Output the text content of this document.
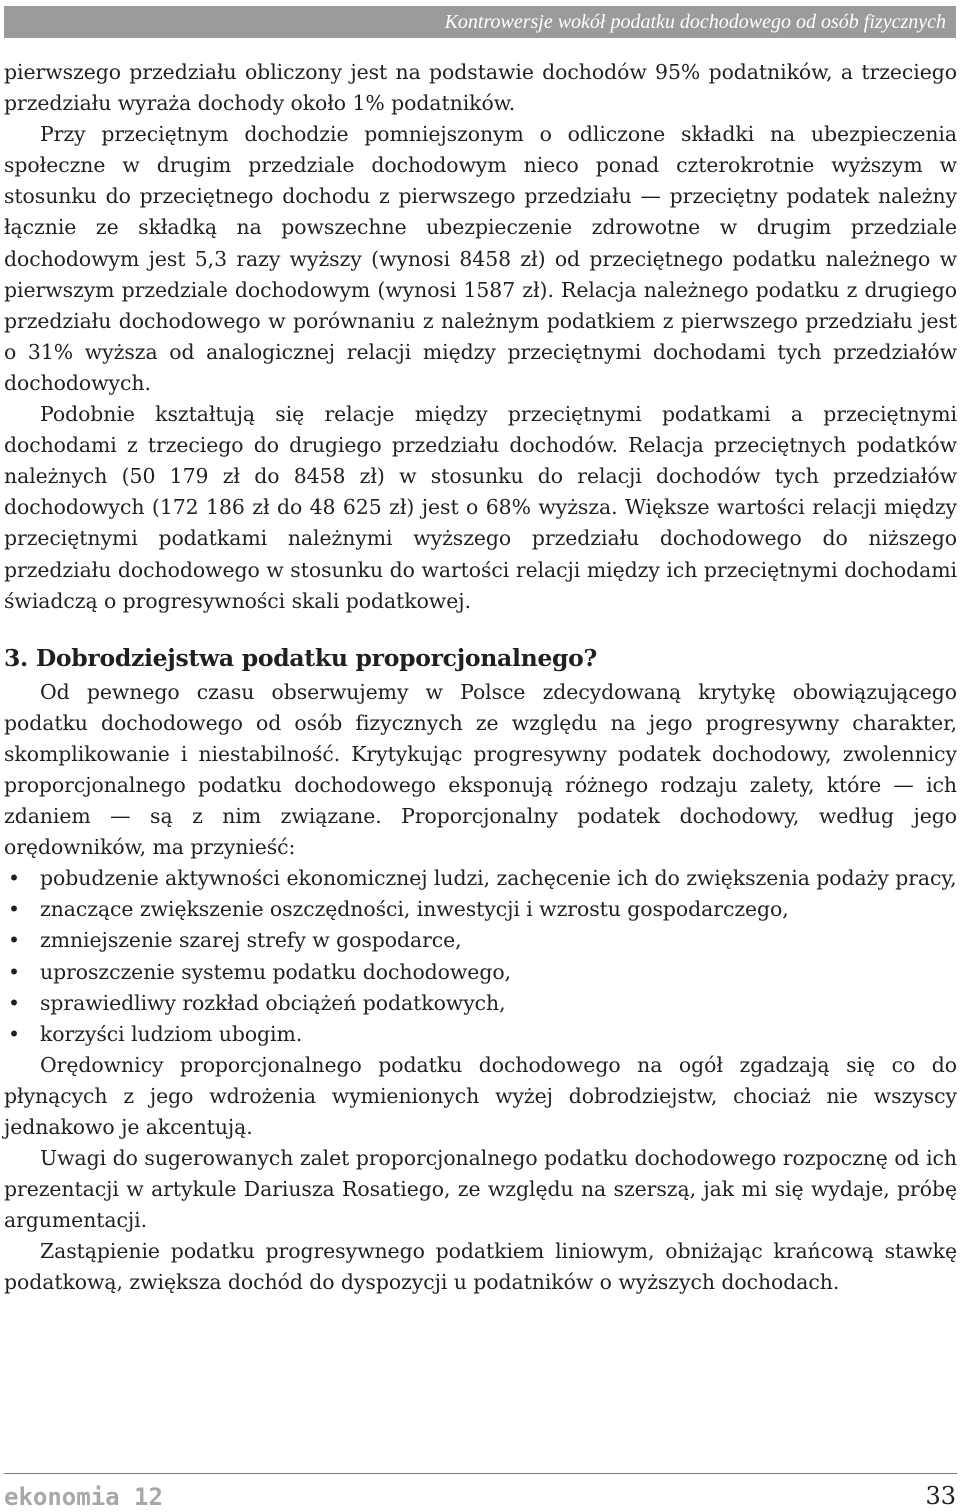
Kontrowersje wokół podatku dochodowego od osób fizycznych

pierwszego przedziału obliczony jest na podstawie dochodów 95% podatników, a trzeciego przedziału wyraża dochody około 1% podatników.

Przy przeciętnym dochodzie pomniejszonym o odliczone składki na ubezpieczenia społeczne w drugim przedziale dochodowym nieco ponad czterokrotnie wyższym w stosunku do przeciętnego dochodu z pierwszego przedziału — przeciętny podatek należny łącznie ze składką na powszechne ubezpieczenie zdrowotne w drugim przedziale dochodowym jest 5,3 razy wyższy (wynosi 8458 zł) od przeciętnego podatku należnego w pierwszym przedziale dochodowym (wynosi 1587 zł). Relacja należnego podatku z drugiego przedziału dochodowego w porównaniu z należnym podatkiem z pierwszego przedziału jest o 31% wyższa od analogicznej relacji między przeciętnymi dochodami tych przedziałów dochodowych.

Podobnie kształtują się relacje między przeciętnymi podatkami a przeciętnymi dochodami z trzeciego do drugiego przedziału dochodów. Relacja przeciętnych podatków należnych (50 179 zł do 8458 zł) w stosunku do relacji dochodów tych przedziałów dochodowych (172 186 zł do 48 625 zł) jest o 68% wyższa. Większe wartości relacji między przeciętnymi podatkami należnymi wyższego przedziału dochodowego do niższego przedziału dochodowego w stosunku do wartości relacji między ich przeciętnymi dochodami świadczą o progresywności skali podatkowej.

3. Dobrodziejstwa podatku proporcjonalnego?

Od pewnego czasu obserwujemy w Polsce zdecydowaną krytykę obowiązującego podatku dochodowego od osób fizycznych ze względu na jego progresywny charakter, skomplikowanie i niestabilność. Krytykując progresywny podatek dochodowy, zwolennicy proporcjonalnego podatku dochodowego eksponują różnego rodzaju zalety, które — ich zdaniem — są z nim związane. Proporcjonalny podatek dochodowy, według jego orędowników, ma przynieść:

• pobudzenie aktywności ekonomicznej ludzi, zachęcenie ich do zwiększenia podaży pracy,
• znaczące zwiększenie oszczędności, inwestycji i wzrostu gospodarczego,
• zmniejszenie szarej strefy w gospodarce,
• uproszczenie systemu podatku dochodowego,
• sprawiedliwy rozkład obciążeń podatkowych,
• korzyści ludziom ubogim.

Orędownicy proporcjonalnego podatku dochodowego na ogół zgadzają się co do płynących z jego wdrożenia wymienionych wyżej dobrodziejstw, chociaż nie wszyscy jednakowo je akcentują.

Uwagi do sugerowanych zalet proporcjonalnego podatku dochodowego rozpocznę od ich prezentacji w artykule Dariusza Rosatiego, ze względu na szerszą, jak mi się wydaje, próbę argumentacji.

Zastąpienie podatku progresywnego podatkiem liniowym, obniżając krańcową stawkę podatkową, zwiększa dochód do dyspozycji u podatników o wyższych dochodach.

ekonomia 12	33
